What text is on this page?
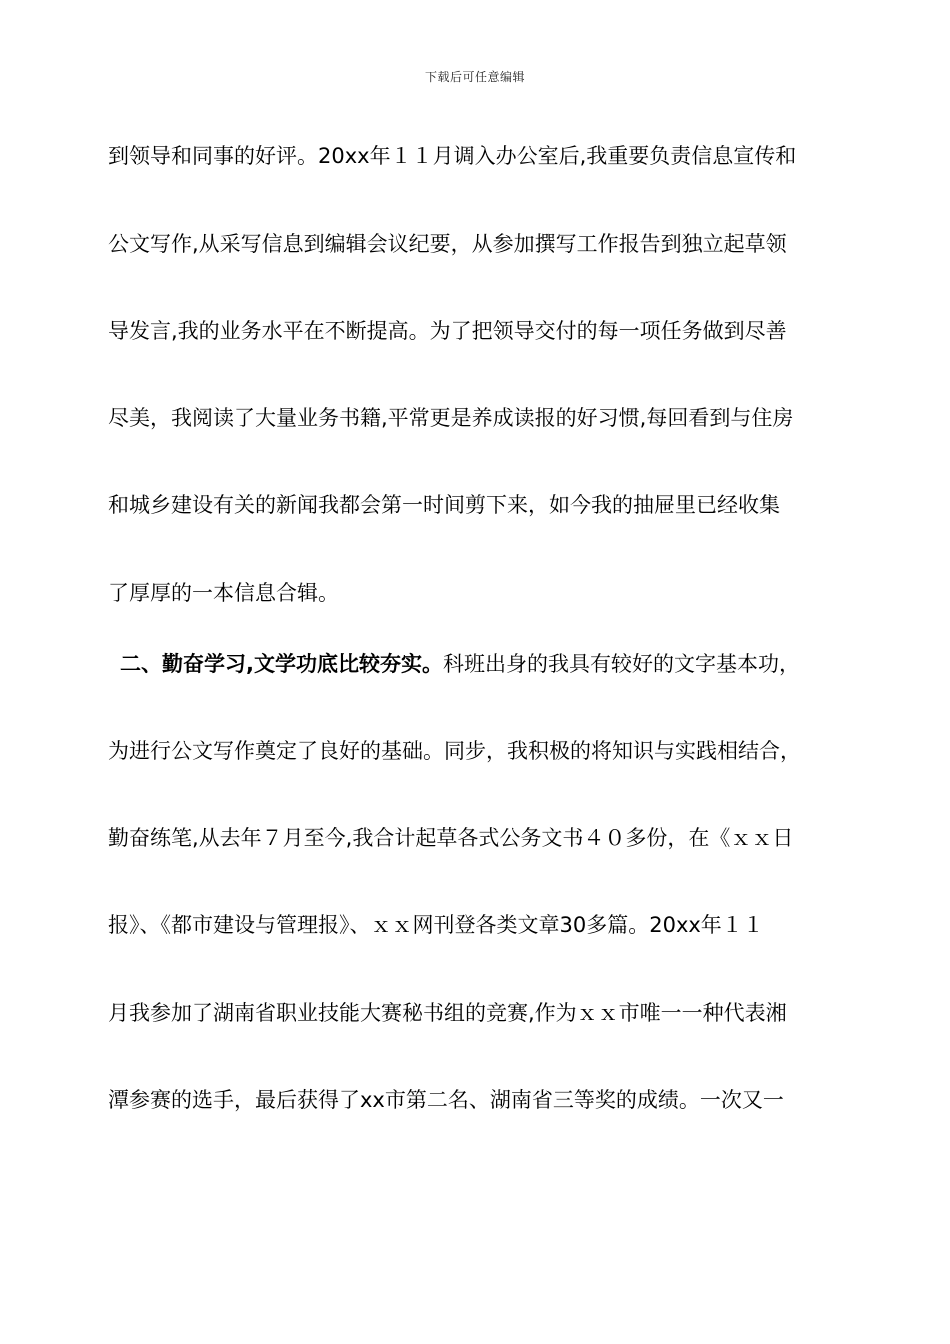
下载后可任意编辑
到领导和同事的好评。20xx年１１月调入办公室后,我重要负责信息宣传和
公文写作,从采写信息到编辑会议纪要，从参加撰写工作报告到独立起草领
导发言,我的业务水平在不断提高。为了把领导交付的每一项任务做到尽善
尽美，我阅读了大量业务书籍,平常更是养成读报的好习惯,每回看到与住房
和城乡建设有关的新闻我都会第一时间剪下来，如今我的抽屉里已经收集
了厚厚的一本信息合辑。
二、勤奋学习,文学功底比较夯实。科班出身的我具有较好的文字基本功，
为进行公文写作奠定了良好的基础。同步，我积极的将知识与实践相结合，
勤奋练笔,从去年７月至今,我合计起草各式公务文书４０多份，在《ｘｘ日
报》、《都市建设与管理报》、ｘｘ网刊登各类文章30多篇。20xx年１１
月我参加了湖南省职业技能大赛秘书组的竞赛,作为ｘｘ市唯一一种代表湘
潭参赛的选手，最后获得了xx市第二名、湖南省三等奖的成绩。一次又一
